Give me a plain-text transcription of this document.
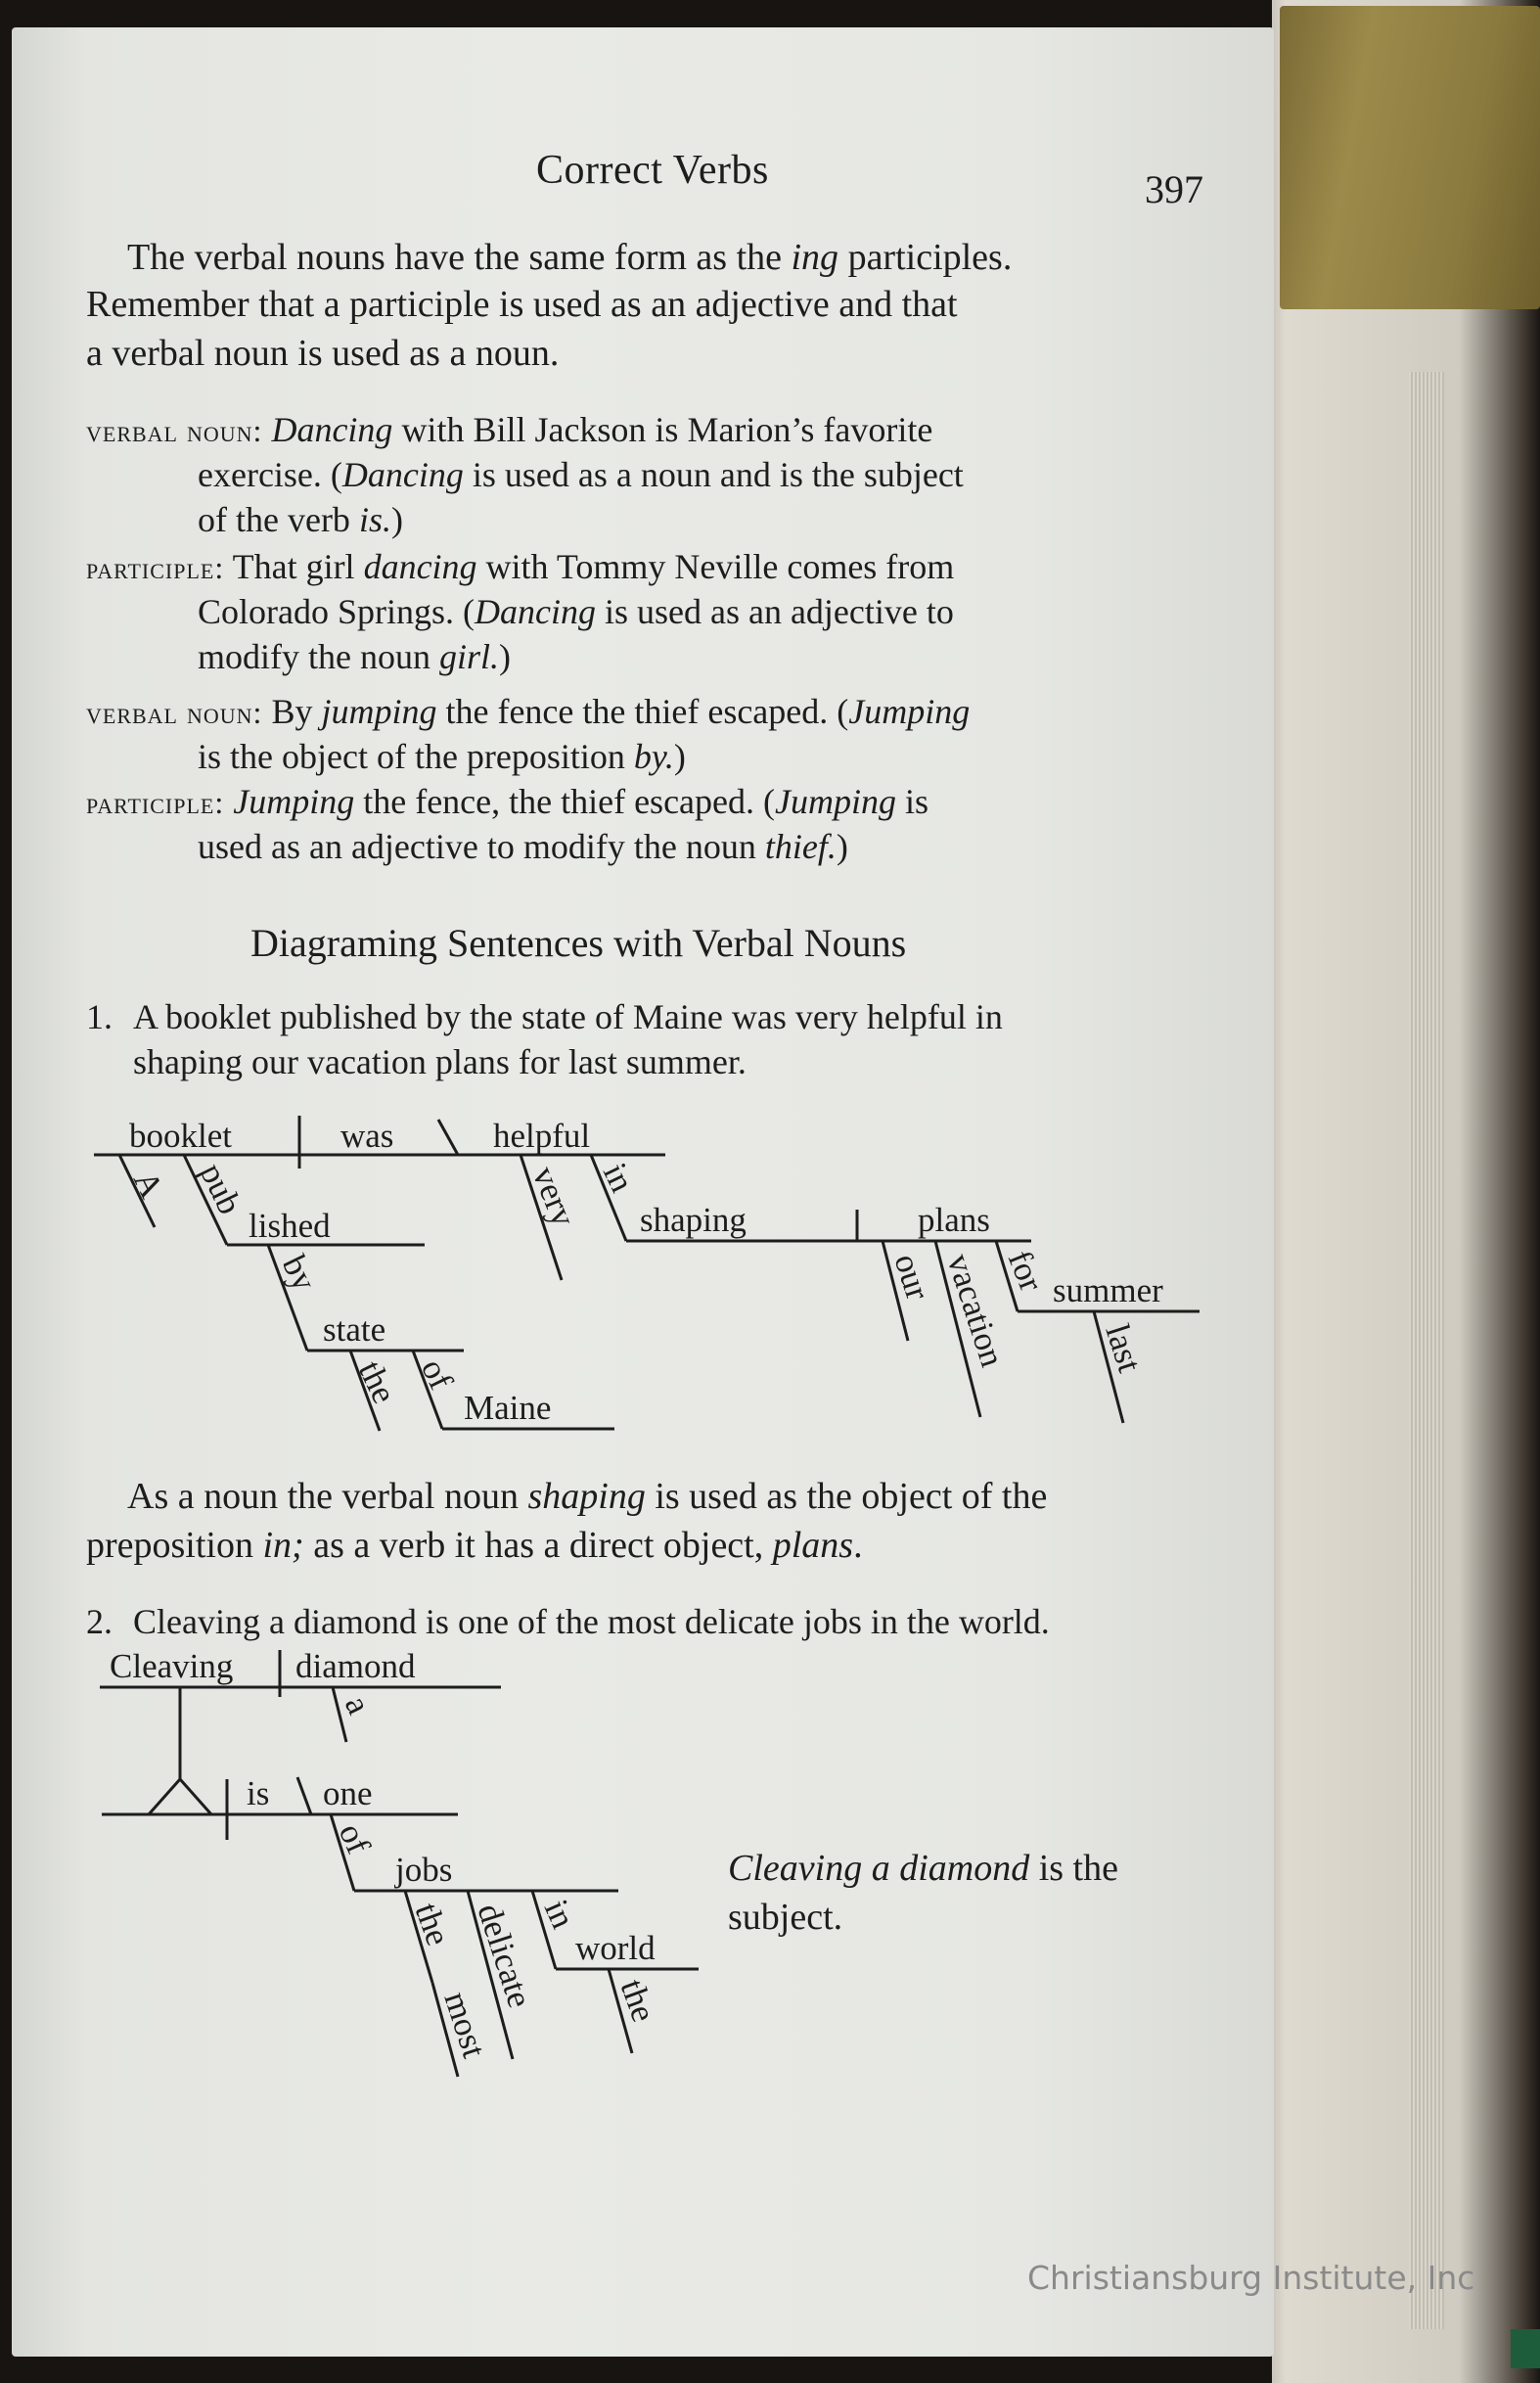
Correct Verbs	397
The verbal nouns have the same form as the ing participles.
Remember that a participle is used as an adjective and that
a verbal noun is used as a noun.
verbal noun: Dancing with Bill Jackson is Marion’s favorite
exercise. (Dancing is used as a noun and is the subject
of the verb is.)
participle: That girl dancing with Tommy Neville comes from
Colorado Springs. (Dancing is used as an adjective to
modify the noun girl.)
verbal noun: By jumping the fence the thief escaped. (Jumping
is the object of the preposition by.)
participle: Jumping the fence, the thief escaped. (Jumping is
used as an adjective to modify the noun thief.)
Diagraming Sentences with Verbal Nouns
1. A booklet published by the state of Maine was very helpful in
shaping our vacation plans for last summer.
booklet	was	helpful
A pub
lished
by
state
the of
Maine
very in
shaping	plans
our vacation
for summer
last
Cleaving diamond
a
is one
of
jobs
the delicate
most
in
world
the
As a noun the verbal noun shaping is used as the object of the
preposition in; as a verb it has a direct object, plans.
2. Cleaving a diamond is one of the most delicate jobs in the world.
Cleaving a diamond is the
subject.
Christiansburg Institute, Inc
